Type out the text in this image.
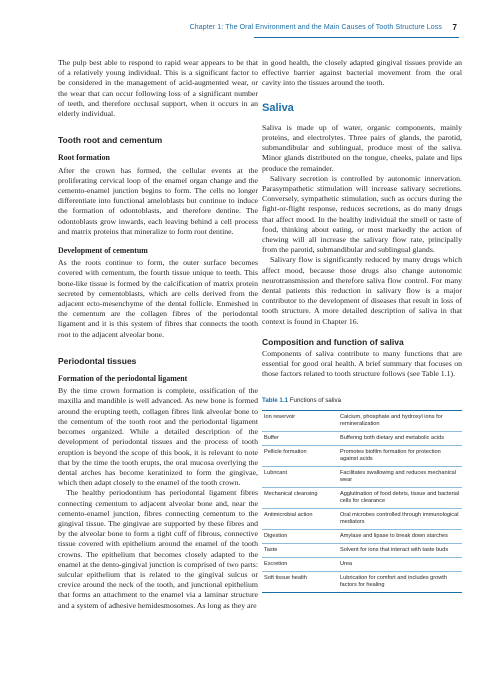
Chapter 1: The Oral Environment and the Main Causes of Tooth Structure Loss 7

The pulp best able to respond to rapid wear appears to be that of a relatively young individual. This is a significant factor to be considered in the management of acid-augmented wear, or the wear that can occur following loss of a significant number of teeth, and therefore occlusal support, when it occurs in an elderly individual.

Tooth root and cementum
Root formation

After the crown has formed, the cellular events at the proliferating cervical loop of the enamel organ change and the cemento-enamel junction begins to form. The cells no longer differentiate into functional ameloblasts but continue to induce the formation of odontoblasts, and therefore dentine. The odontoblasts grow inwards, each leaving behind a cell process and matrix proteins that mineralize to form root dentine.

Development of cementum

As the roots continue to form, the outer surface becomes covered with cementum, the fourth tissue unique to teeth. This bone-like tissue is formed by the calcification of matrix protein secreted by cementoblasts, which are cells derived from the adjacent ecto-mesenchyme of the dental follicle. Enmeshed in the cementum are the collagen fibres of the periodontal ligament and it is this system of fibres that connects the tooth root to the adjacent alveolar bone.

Periodontal tissues
Formation of the periodontal ligament

By the time crown formation is complete, ossification of the maxilla and mandible is well advanced. As new bone is formed around the erupting teeth, collagen fibres link alveolar bone to the cementum of the tooth root and the periodontal ligament becomes organized. While a detailed description of the development of periodontal tissues and the process of tooth eruption is beyond the scope of this book, it is relevant to note that by the time the tooth erupts, the oral mucosa overlying the dental arches has become keratinized to form the gingivae, which then adapt closely to the enamel of the tooth crown.

The healthy periodontium has periodontal ligament fibres connecting cementum to adjacent alveolar bone and, near the cemento-enamel junction, fibres connecting cementum to the gingival tissue. The gingivae are supported by these fibres and by the alveolar bone to form a tight cuff of fibrous, connective tissue covered with epithelium around the enamel of the tooth crowns. The epithelium that becomes closely adapted to the enamel at the dento-gingival junction is comprised of two parts: sulcular epithelium that is related to the gingival sulcus or crevice around the neck of the tooth, and junctional epithelium that forms an attachment to the enamel via a laminar structure and a system of adhesive hemidesmosomes. As long as they are

in good health, the closely adapted gingival tissues provide an effective barrier against bacterial movement from the oral cavity into the tissues around the tooth.

Saliva

Saliva is made up of water, organic components, mainly proteins, and electrolytes. Three pairs of glands, the parotid, submandibular and sublingual, produce most of the saliva. Minor glands distributed on the tongue, cheeks, palate and lips produce the remainder.

Salivary secretion is controlled by autonomic innervation. Parasympathetic stimulation will increase salivary secretions. Conversely, sympathetic stimulation, such as occurs during the fight-or-flight response, reduces secretions, as do many drugs that affect mood. In the healthy individual the smell or taste of food, thinking about eating, or most markedly the action of chewing will all increase the salivary flow rate, principally from the parotid, submandibular and sublingual glands.

Salivary flow is significantly reduced by many drugs which affect mood, because those drugs also change autonomic neurotransmission and therefore saliva flow control. For many dental patients this reduction in salivary flow is a major contributor to the development of diseases that result in loss of tooth structure. A more detailed description of saliva in that context is found in Chapter 16.

Composition and function of saliva

Components of saliva contribute to many functions that are essential for good oral health. A brief summary that focuses on those factors related to tooth structure follows (see Table 1.1).

Table 1.1 Functions of saliva
Ion reservoir	Calcium, phosphate and hydroxyl ions for remineralization
Buffer	Buffering both dietary and metabolic acids
Pellicle formation	Promotes biofilm formation for protection against acids
Lubricant	Facilitates swallowing and reduces mechanical wear
Mechanical cleansing	Agglutination of food debris, tissue and bacterial cells for clearance
Antimicrobial action	Oral microbes controlled through immunological mediators
Digestion	Amylase and lipase to break down starches
Taste	Solvent for ions that interact with taste buds
Excretion	Urea
Soft tissue health	Lubrication for comfort and includes growth factors for healing
